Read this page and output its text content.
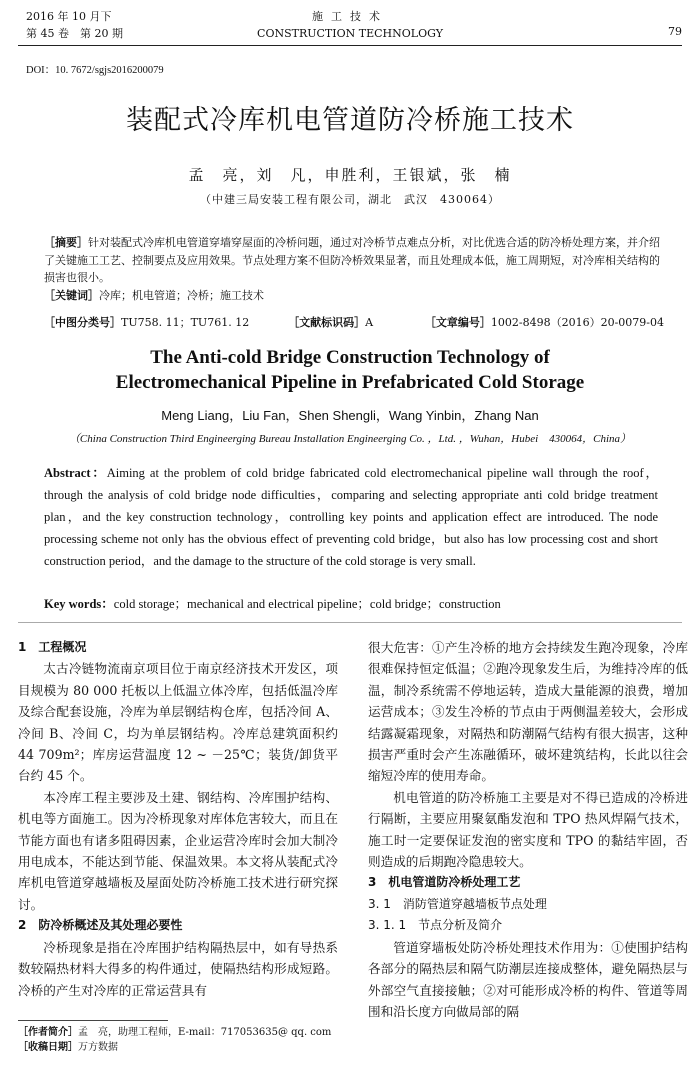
2016 年 10 月下
第 45 卷　第 20 期
施工技术
CONSTRUCTION TECHNOLOGY	79
DOI：10. 7672/sgjs2016200079
装配式冷库机电管道防冷桥施工技术
孟　亮，刘　凡，申胜利，王银斌，张　楠
（中建三局安装工程有限公司，湖北　武汉　430064）
［摘要］针对装配式冷库机电管道穿墙穿屋面的冷桥问题，通过对冷桥节点难点分析，对比优选合适的防冷桥处理方案，并介绍了关键施工工艺、控制要点及应用效果。节点处理方案不但防冷桥效果显著，而且处理成本低，施工周期短，对冷库相关结构的损害也很小。
［关键词］冷库；机电管道；冷桥；施工技术
［中图分类号］TU758. 11；TU761. 12	［文献标识码］A	［文章编号］1002-8498（2016）20-0079-04
The Anti-cold Bridge Construction Technology of
Electromechanical Pipeline in Prefabricated Cold Storage
Meng Liang，Liu Fan，Shen Shengli，Wang Yinbin，Zhang Nan
（China Construction Third Engineerging Bureau Installation Engineerging Co. ，Ltd. ，Wuhan，Hubei　430064，China）
Abstract：Aiming at the problem of cold bridge fabricated cold electromechanical pipeline wall through the roof，through the analysis of cold bridge node difficulties，comparing and selecting appropriate anti cold bridge treatment plan，and the key construction technology，controlling key points and application effect are introduced. The node processing scheme not only has the obvious effect of preventing cold bridge，but also has low processing cost and short construction period，and the damage to the structure of the cold storage is very small.
Key words：cold storage；mechanical and electrical pipeline；cold bridge；construction
1　工程概况

太古冷链物流南京项目位于南京经济技术开发区，项目规模为 80 000 托板以上低温立体冷库，包括低温冷库及综合配套设施，冷库为单层钢结构仓库，包括冷间 A、冷间 B、冷间 C，均为单层钢结构。冷库总建筑面积约 44 709m²；库房运营温度 12 ~ －25℃；装货/卸货平台约 45 个。

本冷库工程主要涉及土建、钢结构、冷库围护结构、机电等方面施工。因为冷桥现象对库体危害较大，而且在节能方面也有诸多阻碍因素，企业运营冷库时会加大制冷用电成本，不能达到节能、保温效果。本文将从装配式冷库机电管道穿越墙板及屋面处防冷桥施工技术进行研究探讨。

2　防冷桥概述及其处理必要性

冷桥现象是指在冷库围护结构隔热层中，如有导热系数较隔热材料大得多的构件通过，使隔热结构形成短路。冷桥的产生对冷库的正常运营具有

很大危害：①产生冷桥的地方会持续发生跑冷现象，冷库很难保持恒定低温；②跑冷现象发生后，为维持冷库的低温，制冷系统需不停地运转，造成大量能源的浪费，增加运营成本；③发生冷桥的节点由于两侧温差较大，会形成结露凝霜现象，对隔热和防潮隔气结构有很大损害，这种损害严重时会产生冻融循环，破坏建筑结构，长此以往会缩短冷库的使用寿命。

机电管道的防冷桥施工主要是对不得已造成的冷桥进行隔断，主要应用聚氨酯发泡和 TPO 热风焊隔气技术，施工时一定要保证发泡的密实度和 TPO 的黏结牢固，否则造成的后期跑冷隐患较大。

3　机电管道防冷桥处理工艺
3. 1　消防管道穿越墙板节点处理
3. 1. 1　节点分析及简介

管道穿墙板处防冷桥处理技术作用为：①使围护结构各部分的隔热层和隔气防潮层连接成整体，避免隔热层与外部空气直接接触；②对可能形成冷桥的构件、管道等周围和沿长度方向做局部的隔

［作者简介］孟　亮，助理工程师，E-mail：717053635@ qq. com
［收稿日期］万方数据
